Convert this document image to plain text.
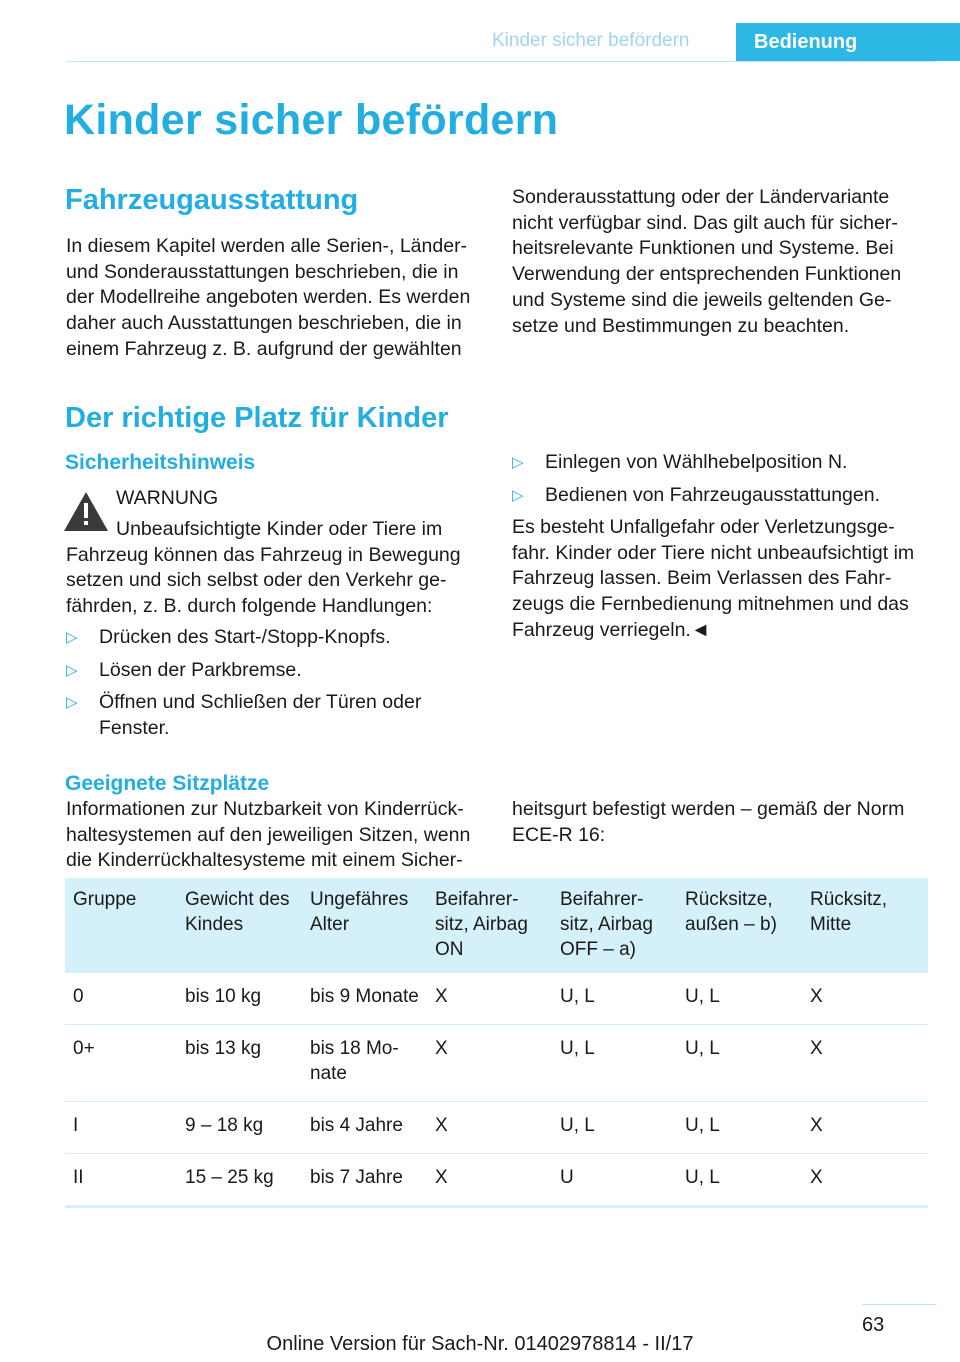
Kinder sicher befördern	Bedienung
Kinder sicher befördern
Fahrzeugausstattung

In diesem Kapitel werden alle Serien-, Länder- und Sonderausstattungen beschrieben, die in der Modellreihe angeboten werden. Es werden daher auch Ausstattungen beschrieben, die in einem Fahrzeug z. B. aufgrund der gewählten

Sonderausstattung oder der Ländervariante nicht verfügbar sind. Das gilt auch für sicherheitsrelevante Funktionen und Systeme. Bei Verwendung der entsprechenden Funktionen und Systeme sind die jeweils geltenden Gesetze und Bestimmungen zu beachten.

Der richtige Platz für Kinder
Sicherheitshinweis
WARNUNG

Unbeaufsichtigte Kinder oder Tiere im Fahrzeug können das Fahrzeug in Bewegung setzen und sich selbst oder den Verkehr gefährden, z. B. durch folgende Handlungen:

▷ Drücken des Start-/Stopp-Knopfs.
▷ Lösen der Parkbremse.
▷ Öffnen und Schließen der Türen oder Fenster.
▷ Einlegen von Wählhebelposition N.
▷ Bedienen von Fahrzeugausstattungen.

Es besteht Unfallgefahr oder Verletzungsgefahr. Kinder oder Tiere nicht unbeaufsichtigt im Fahrzeug lassen. Beim Verlassen des Fahrzeugs die Fernbedienung mitnehmen und das Fahrzeug verriegeln.◄

Geeignete Sitzplätze

Informationen zur Nutzbarkeit von Kinderrückhaltesystemen auf den jeweiligen Sitzen, wenn die Kinderrückhaltesysteme mit einem Sicher-

heitsgurt befestigt werden – gemäß der Norm ECE-R 16:

Gruppe	Gewicht des Kindes	Ungefähres Alter	Beifahrersitz, Airbag ON	Beifahrersitz, Airbag OFF – a)	Rücksitze, außen – b)	Rücksitz, Mitte
0	bis 10 kg	bis 9 Monate	X	U, L	U, L	X
0+	bis 13 kg	bis 18 Monate	X	U, L	U, L	X
I	9 – 18 kg	bis 4 Jahre	X	U, L	U, L	X
II	15 – 25 kg	bis 7 Jahre	X	U	U, L	X
63
Online Version für Sach-Nr. 01402978814 - II/17
